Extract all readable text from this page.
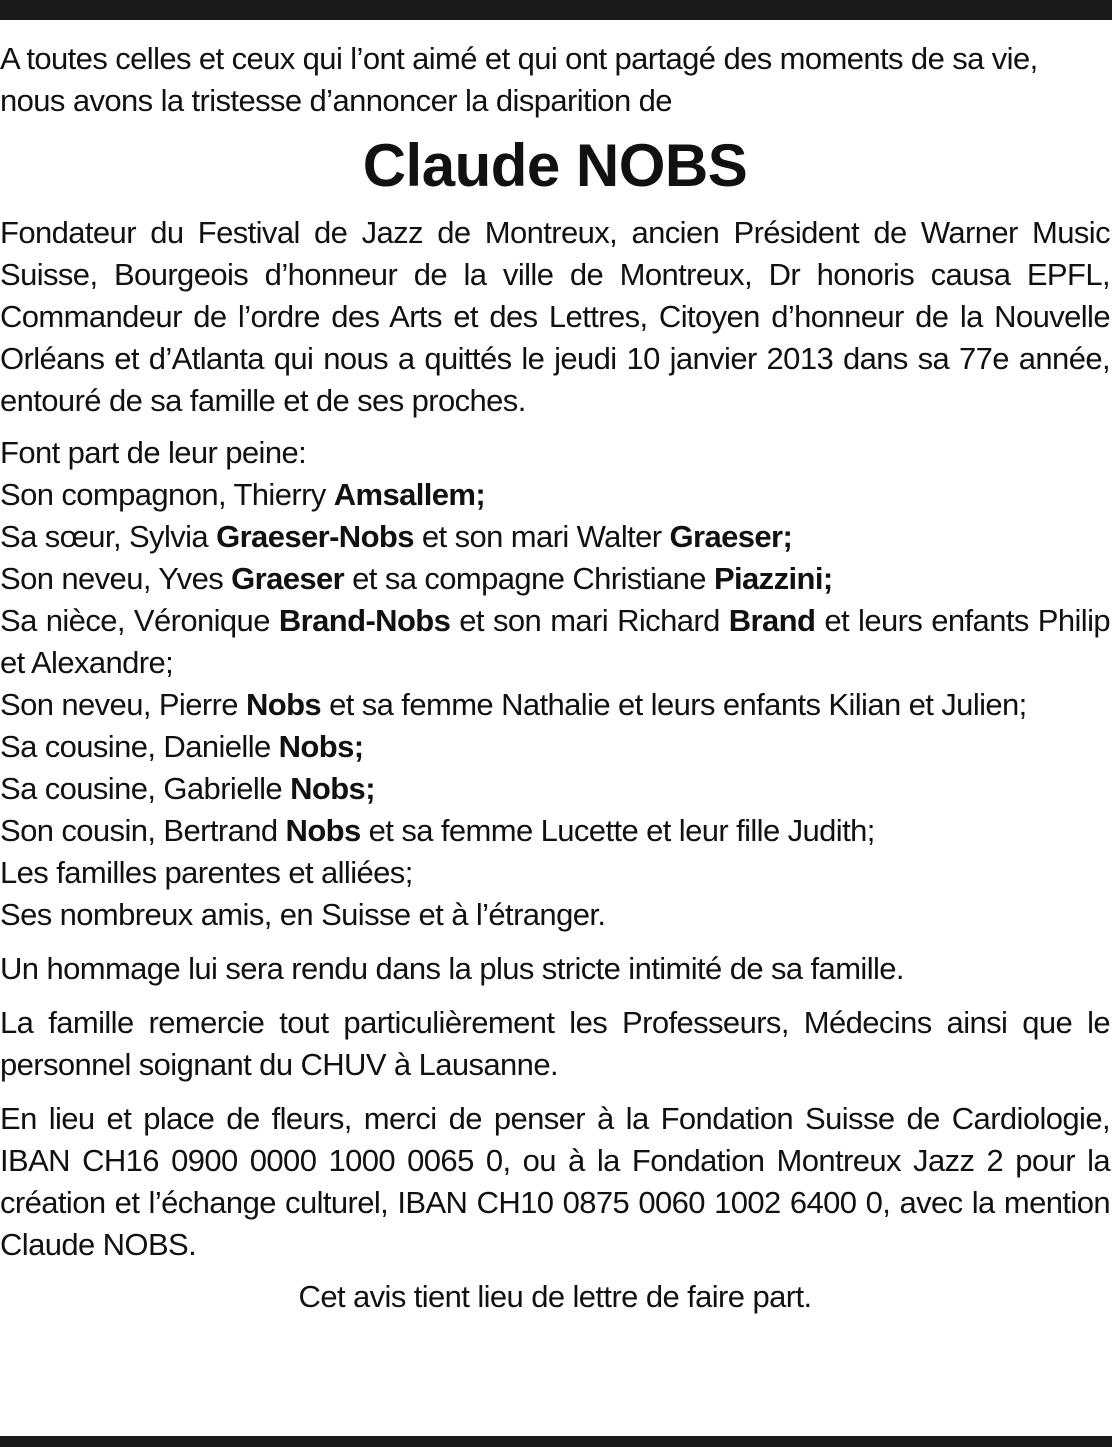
A toutes celles et ceux qui l’ont aimé et qui ont partagé des moments de sa vie, nous avons la tristesse d’annoncer la disparition de

Claude NOBS

Fondateur du Festival de Jazz de Montreux, ancien Président de Warner Music Suisse, Bourgeois d’honneur de la ville de Montreux, Dr honoris causa EPFL, Commandeur de l’ordre des Arts et des Lettres, Citoyen d’honneur de la Nouvelle Orléans et d’Atlanta qui nous a quittés le jeudi 10 janvier 2013 dans sa 77e année, entouré de sa famille et de ses proches.

Font part de leur peine:

Son compagnon, Thierry Amsallem;

Sa sœur, Sylvia Graeser-Nobs et son mari Walter Graeser;

Son neveu, Yves Graeser et sa compagne Christiane Piazzini;

Sa nièce, Véronique Brand-Nobs et son mari Richard Brand et leurs enfants Philip et Alexandre;

Son neveu, Pierre Nobs et sa femme Nathalie et leurs enfants Kilian et Julien;

Sa cousine, Danielle Nobs;

Sa cousine, Gabrielle Nobs;

Son cousin, Bertrand Nobs et sa femme Lucette et leur fille Judith;

Les familles parentes et alliées;

Ses nombreux amis, en Suisse et à l’étranger.

Un hommage lui sera rendu dans la plus stricte intimité de sa famille.

La famille remercie tout particulièrement les Professeurs, Médecins ainsi que le personnel soignant du CHUV à Lausanne.

En lieu et place de fleurs, merci de penser à la Fondation Suisse de Cardiologie, IBAN CH16 0900 0000 1000 0065 0, ou à la Fondation Montreux Jazz 2 pour la création et l’échange culturel, IBAN CH10 0875 0060 1002 6400 0, avec la mention Claude NOBS.

Cet avis tient lieu de lettre de faire part.
